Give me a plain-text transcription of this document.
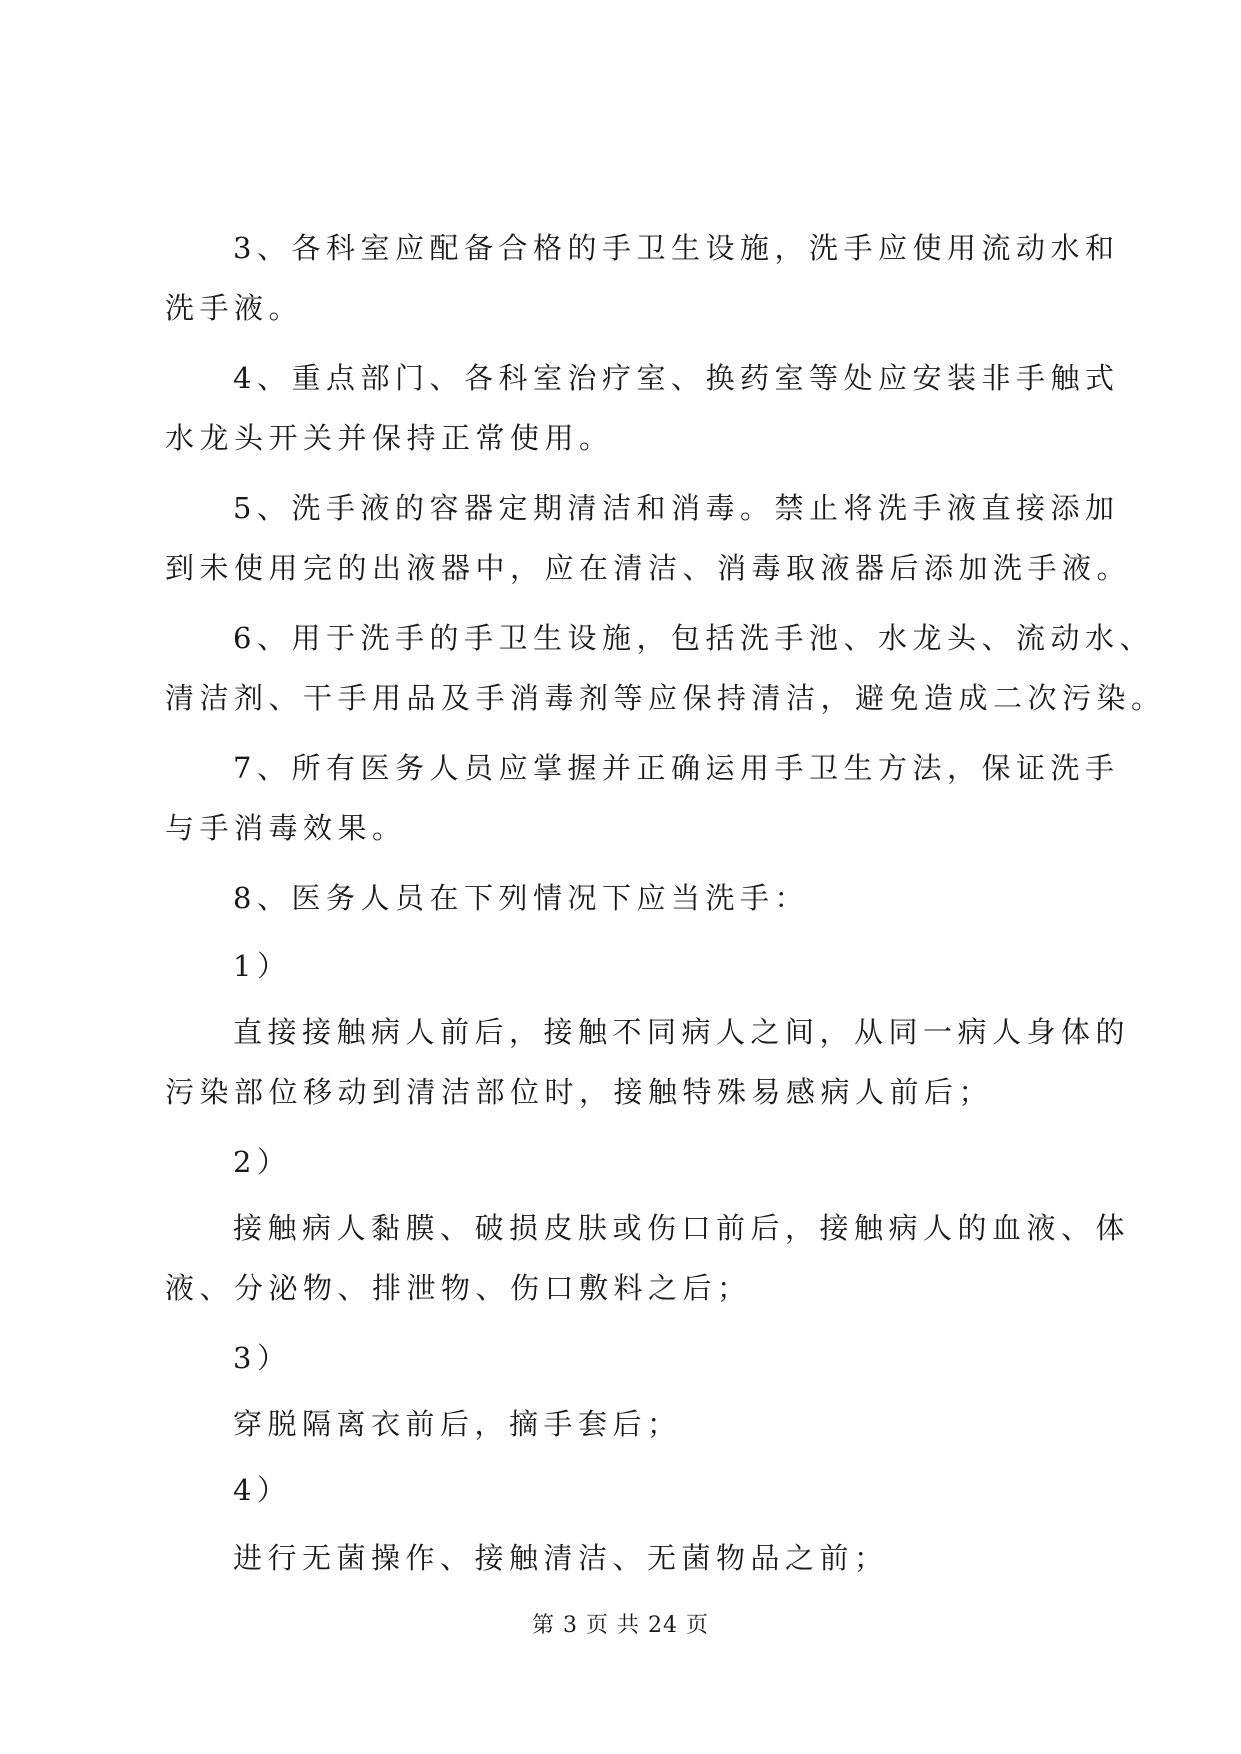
3、各科室应配备合格的手卫生设施，洗手应使用流动水和
洗手液。
4、重点部门、各科室治疗室、换药室等处应安装非手触式
水龙头开关并保持正常使用。
5、洗手液的容器定期清洁和消毒。禁止将洗手液直接添加
到未使用完的出液器中，应在清洁、消毒取液器后添加洗手液。
6、用于洗手的手卫生设施，包括洗手池、水龙头、流动水、
清洁剂、干手用品及手消毒剂等应保持清洁，避免造成二次污染。
7、所有医务人员应掌握并正确运用手卫生方法，保证洗手
与手消毒效果。
8、医务人员在下列情况下应当洗手：
1）
直接接触病人前后，接触不同病人之间，从同一病人身体的
污染部位移动到清洁部位时，接触特殊易感病人前后；
2）
接触病人黏膜、破损皮肤或伤口前后，接触病人的血液、体
液、分泌物、排泄物、伤口敷料之后；
3）
穿脱隔离衣前后，摘手套后；
4）
进行无菌操作、接触清洁、无菌物品之前；
第 3 页 共 24 页
